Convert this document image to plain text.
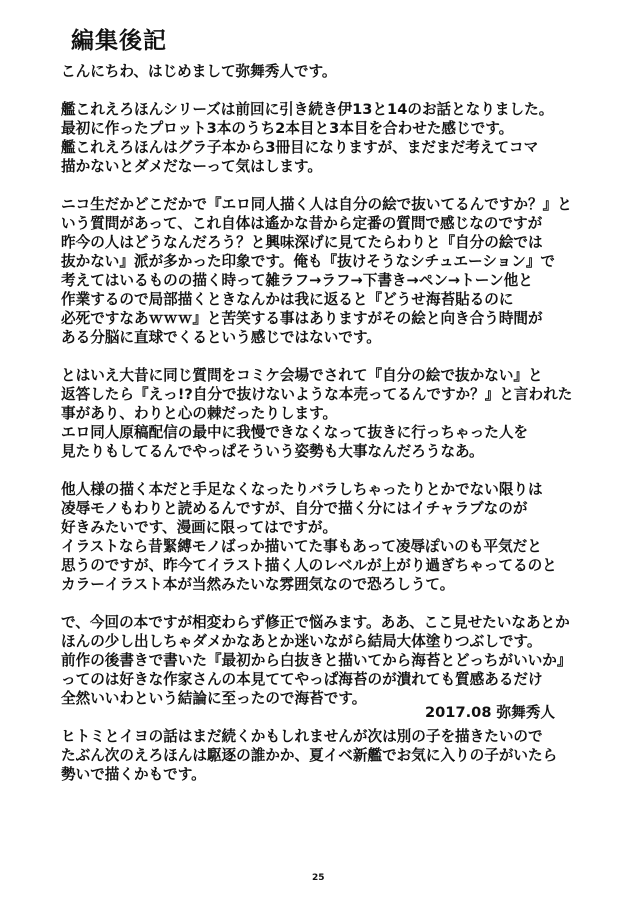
編集後記
こんにちわ、はじめまして弥舞秀人です。
艦これえろほんシリーズは前回に引き続き伊13と14のお話となりました。
最初に作ったプロット3本のうち2本目と3本目を合わせた感じです。
艦これえろほんはグラ子本から3冊目になりますが、まだまだ考えてコマ
描かないとダメだなーって気はします。
ニコ生だかどこだかで『エロ同人描く人は自分の絵で抜いてるんですか？』と
いう質問があって、これ自体は遙かな昔から定番の質問で感じなのですが
昨今の人はどうなんだろう？と興味深げに見てたらわりと『自分の絵では
抜かない』派が多かった印象です。俺も『抜けそうなシチュエーション』で
考えてはいるものの描く時って雑ラフ→ラフ→下書き→ペン→トーン他と
作業するので局部描くときなんかは我に返ると『どうせ海苔貼るのに
必死ですなあｗｗｗ』と苦笑する事はありますがその絵と向き合う時間が
ある分脳に直球でくるという感じではないです。
とはいえ大昔に同じ質問をコミケ会場でされて『自分の絵で抜かない』と
返答したら『えっ!?自分で抜けないような本売ってるんですか？』と言われた
事があり、わりと心の棘だったりします。
エロ同人原稿配信の最中に我慢できなくなって抜きに行っちゃった人を
見たりもしてるんでやっぱそういう姿勢も大事なんだろうなあ。
他人様の描く本だと手足なくなったりバラしちゃったりとかでない限りは
凌辱モノもわりと読めるんですが、自分で描く分にはイチャラブなのが
好きみたいです、漫画に限ってはですが。
イラストなら昔緊縛モノばっか描いてた事もあって凌辱ぽいのも平気だと
思うのですが、昨今てイラスト描く人のレベルが上がり過ぎちゃってるのと
カラーイラスト本が当然みたいな雰囲気なので恐ろしうて。
で、今回の本ですが相変わらず修正で悩みます。ああ、ここ見せたいなあとか
ほんの少し出しちゃダメかなあとか迷いながら結局大体塗りつぶしです。
前作の後書きで書いた『最初から白抜きと描いてから海苔とどっちがいいか』
ってのは好きな作家さんの本見ててやっぱ海苔のが潰れても質感あるだけ
全然いいわという結論に至ったので海苔です。
ヒトミとイヨの話はまだ続くかもしれませんが次は別の子を描きたいので
たぶん次のえろほんは駆逐の誰かか、夏イベ新艦でお気に入りの子がいたら
勢いで描くかもです。
2017.08 弥舞秀人
25
